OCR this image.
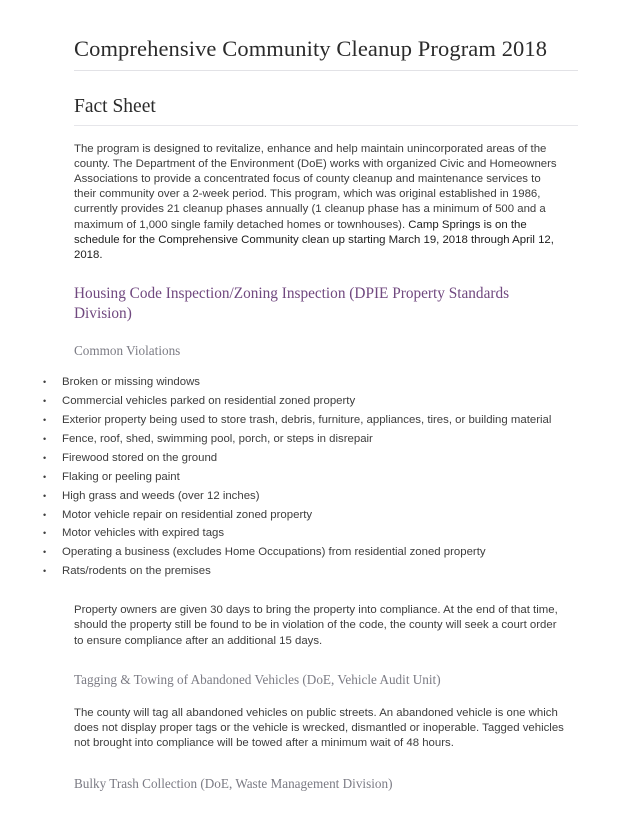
Comprehensive Community Cleanup Program 2018
Fact Sheet

The program is designed to revitalize, enhance and help maintain unincorporated areas of the county. The Department of the Environment (DoE) works with organized Civic and Homeowners Associations to provide a concentrated focus of county cleanup and maintenance services to their community over a 2-week period. This program, which was original established in 1986, currently provides 21 cleanup phases annually (1 cleanup phase has a minimum of 500 and a maximum of 1,000 single family detached homes or townhouses). Camp Springs is on the schedule for the Comprehensive Community clean up starting March 19, 2018 through April 12, 2018.

Housing Code Inspection/Zoning Inspection (DPIE Property Standards Division)
Common Violations
• Broken or missing windows
• Commercial vehicles parked on residential zoned property
• Exterior property being used to store trash, debris, furniture, appliances, tires, or building material
• Fence, roof, shed, swimming pool, porch, or steps in disrepair
• Firewood stored on the ground
• Flaking or peeling paint
• High grass and weeds (over 12 inches)
• Motor vehicle repair on residential zoned property
• Motor vehicles with expired tags
• Operating a business (excludes Home Occupations) from residential zoned property
• Rats/rodents on the premises

Property owners are given 30 days to bring the property into compliance. At the end of that time, should the property still be found to be in violation of the code, the county will seek a court order to ensure compliance after an additional 15 days.

Tagging & Towing of Abandoned Vehicles (DoE, Vehicle Audit Unit)

The county will tag all abandoned vehicles on public streets. An abandoned vehicle is one which does not display proper tags or the vehicle is wrecked, dismantled or inoperable. Tagged vehicles not brought into compliance will be towed after a minimum wait of 48 hours.

Bulky Trash Collection (DoE, Waste Management Division)
